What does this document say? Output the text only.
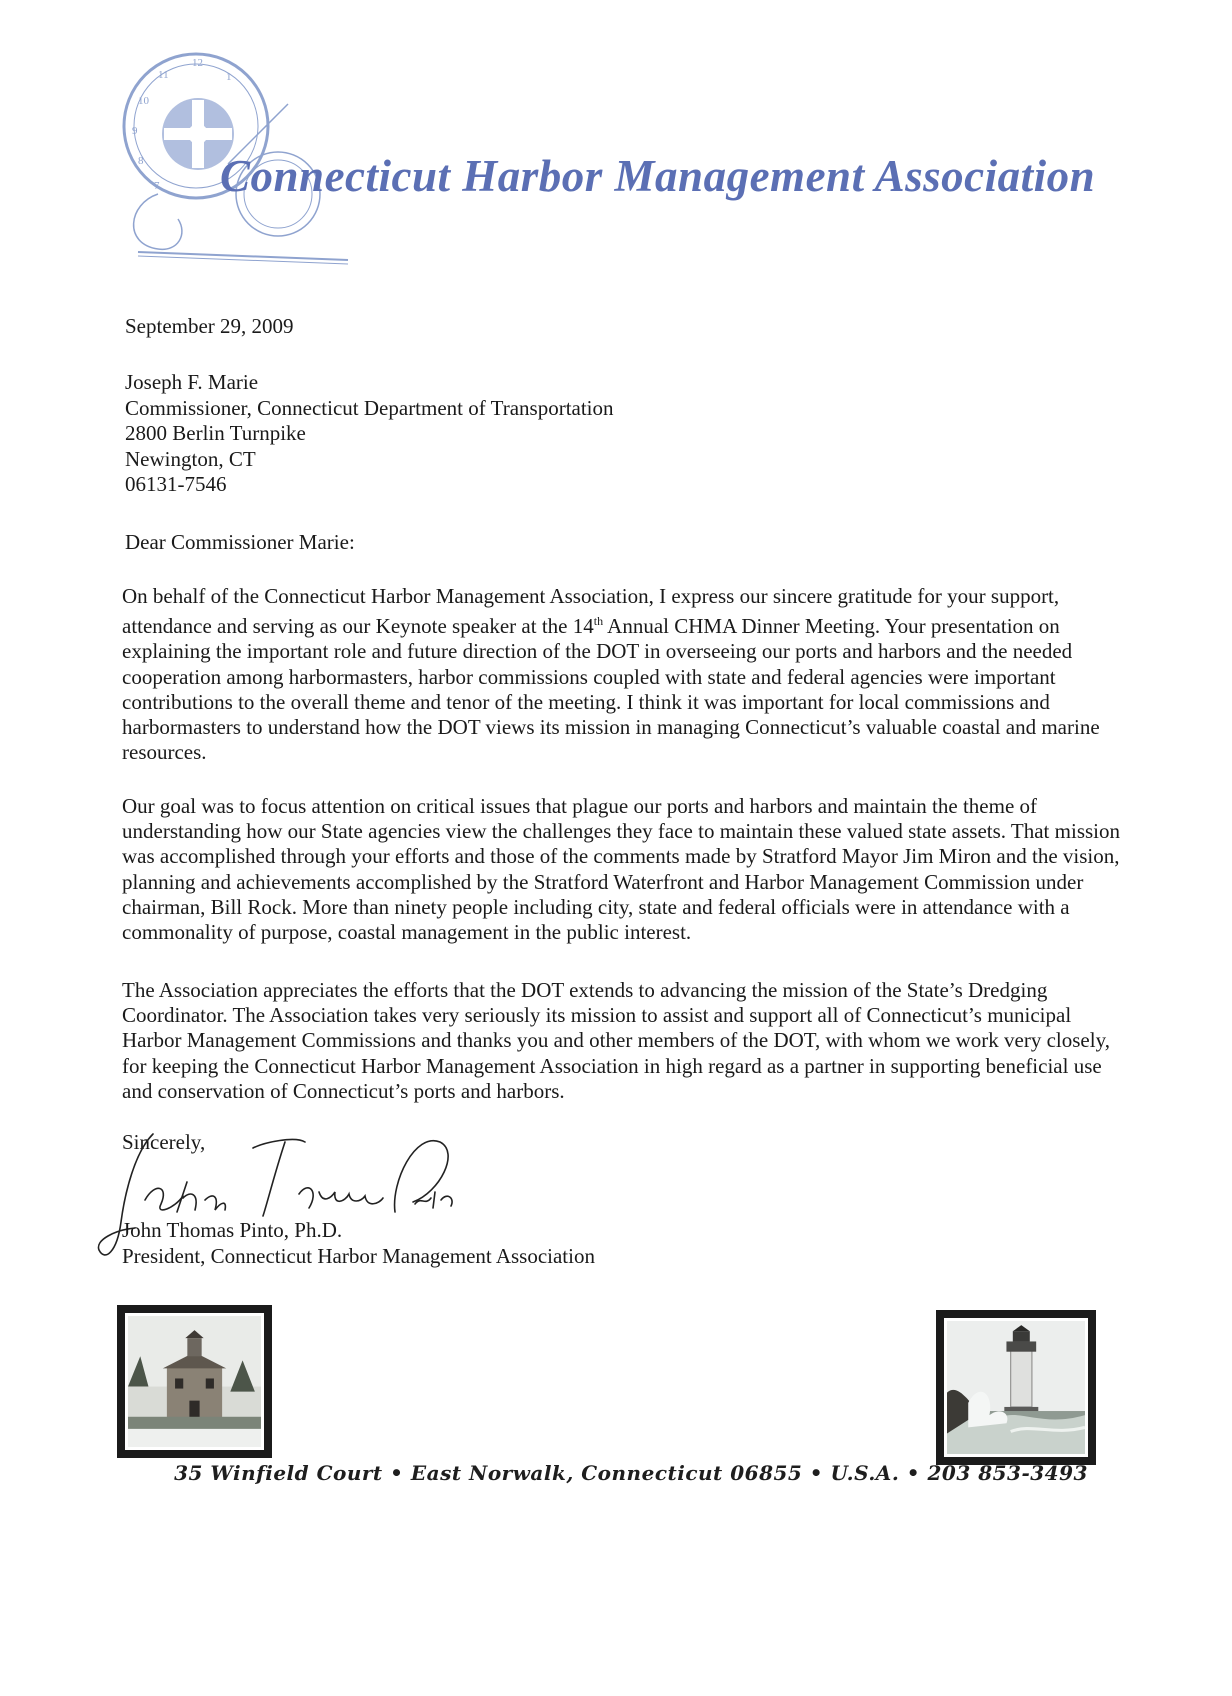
12
11	1
10
9
8
7 Connecticut Harbor Management Association
September 29, 2009
Joseph F. Marie
Commissioner, Connecticut Department of Transportation
2800 Berlin Turnpike
Newington, CT
06131-7546
Dear Commissioner Marie:
On behalf of the Connecticut Harbor Management Association, I express our sincere gratitude for your support, attendance and serving as our Keynote speaker at the 14th Annual CHMA Dinner Meeting. Your presentation on explaining the important role and future direction of the DOT in overseeing our ports and harbors and the needed cooperation among harbormasters, harbor commissions coupled with state and federal agencies were important contributions to the overall theme and tenor of the meeting. I think it was important for local commissions and harbormasters to understand how the DOT views its mission in managing Connecticut’s valuable coastal and marine resources.
Our goal was to focus attention on critical issues that plague our ports and harbors and maintain the theme of understanding how our State agencies view the challenges they face to maintain these valued state assets. That mission was accomplished through your efforts and those of the comments made by Stratford Mayor Jim Miron and the vision, planning and achievements accomplished by the Stratford Waterfront and Harbor Management Commission under chairman, Bill Rock. More than ninety people including city, state and federal officials were in attendance with a commonality of purpose, coastal management in the public interest.
The Association appreciates the efforts that the DOT extends to advancing the mission of the State’s Dredging Coordinator. The Association takes very seriously its mission to assist and support all of Connecticut’s municipal Harbor Management Commissions and thanks you and other members of the DOT, with whom we work very closely, for keeping the Connecticut Harbor Management Association in high regard as a partner in supporting beneficial use and conservation of Connecticut’s ports and harbors.
Sincerely,
John Thomas Pinto, Ph.D.
President, Connecticut Harbor Management Association
35 Winfield Court • East Norwalk, Connecticut 06855 • U.S.A. • 203 853-3493
